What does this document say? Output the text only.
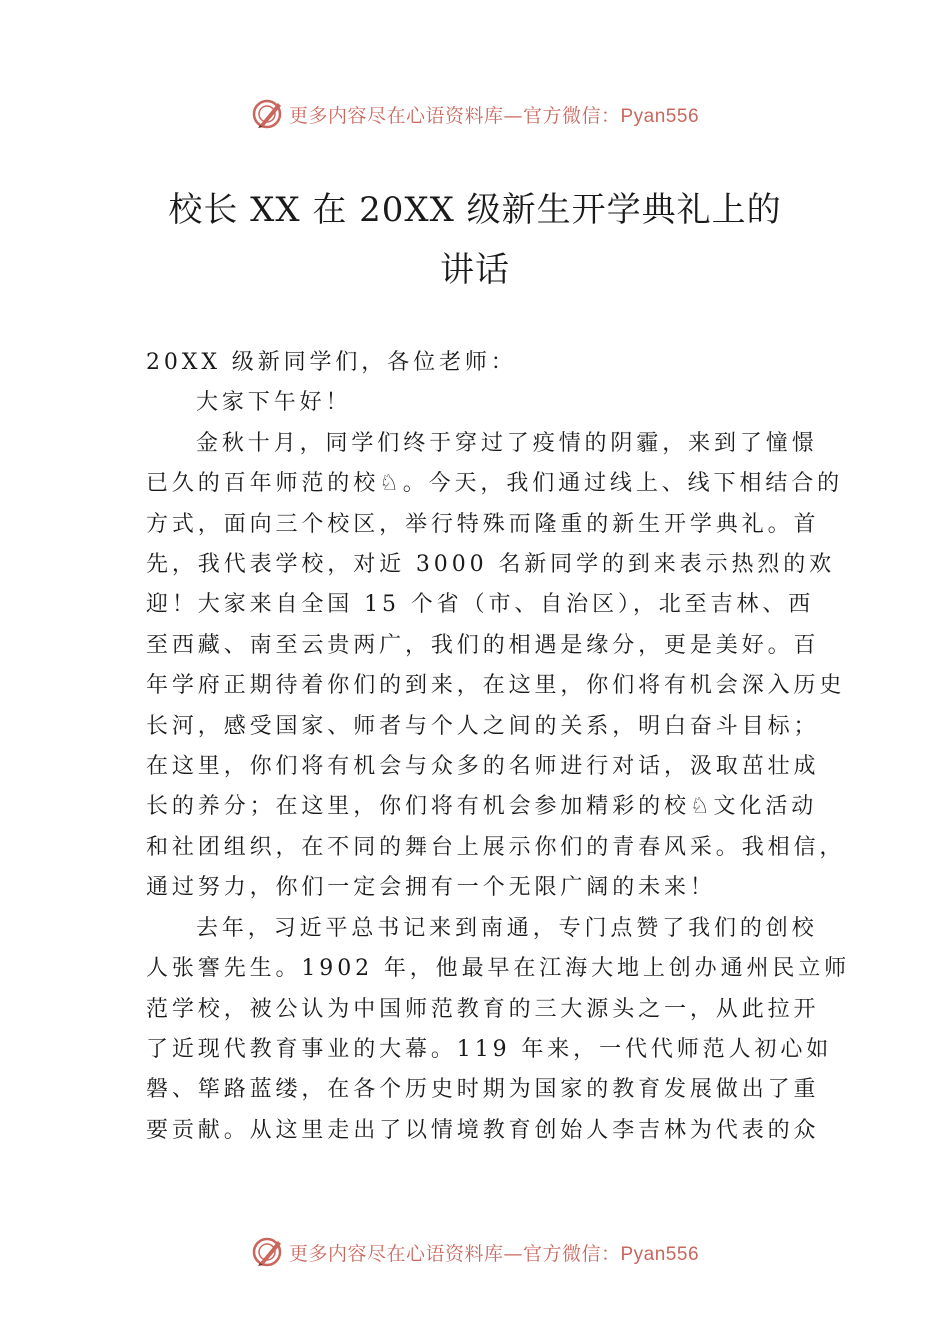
更多内容尽在心语资料库—官方微信：Pyan556
校长 XX 在 20XX 级新生开学典礼上的
讲话
20XX 级新同学们，各位老师：
大家下午好！
金秋十月，同学们终于穿过了疫情的阴霾，来到了憧憬
已久的百年师范的校♘。今天，我们通过线上、线下相结合的
方式，面向三个校区，举行特殊而隆重的新生开学典礼。首
先，我代表学校，对近 3000 名新同学的到来表示热烈的欢
迎！大家来自全国 15 个省（市、自治区），北至吉林、西
至西藏、南至云贵两广，我们的相遇是缘分，更是美好。百
年学府正期待着你们的到来，在这里，你们将有机会深入历史
长河，感受国家、师者与个人之间的关系，明白奋斗目标；
在这里，你们将有机会与众多的名师进行对话，汲取茁壮成
长的养分；在这里，你们将有机会参加精彩的校♘文化活动
和社团组织，在不同的舞台上展示你们的青春风采。我相信，
通过努力，你们一定会拥有一个无限广阔的未来！
去年，习近平总书记来到南通，专门点赞了我们的创校
人张謇先生。1902 年，他最早在江海大地上创办通州民立师
范学校，被公认为中国师范教育的三大源头之一，从此拉开
了近现代教育事业的大幕。119 年来，一代代师范人初心如
磐、筚路蓝缕，在各个历史时期为国家的教育发展做出了重
要贡献。从这里走出了以情境教育创始人李吉林为代表的众
更多内容尽在心语资料库—官方微信：Pyan556
